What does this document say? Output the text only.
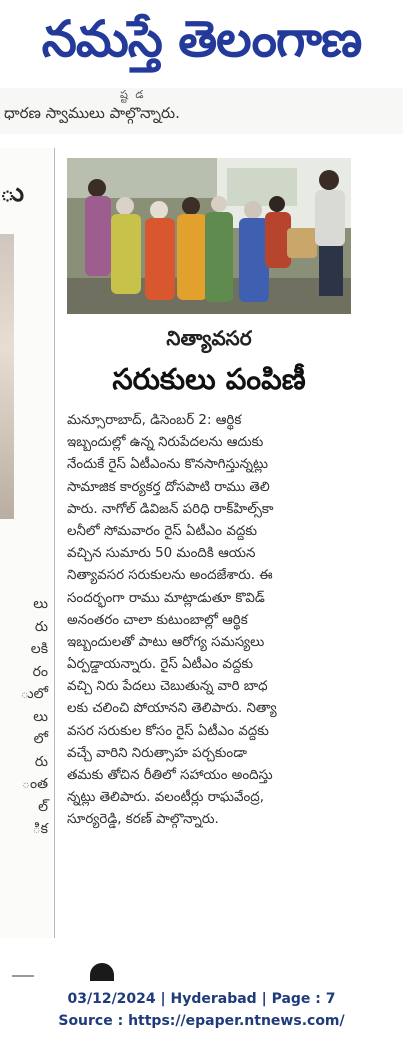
నమస్తే తెలంగాణ
ష్ట డ
ధారణ స్వాములు పాల్గొన్నారు.
ు
లు
రు
లకి
రం
ులో
లు
లో
రు
ంత
ల్
ిక
నిత్యావసర
సరుకులు పంపిణీ
మన్సూరాబాద్, డిసెంబర్ 2: ఆర్థిక
ఇబ్బందుల్లో ఉన్న నిరుపేదలను ఆదుకు
నేందుకే రైస్ ఏటీఎంను కొనసాగిస్తున్నట్లు
సామాజిక కార్యకర్త దోసపాటి రాము తెలి
పారు. నాగోల్ డివిజన్ పరిధి రాక్‌హిల్స్‌కా
లనీలో సోమవారం రైస్ ఏటీఎం వద్దకు
వచ్చిన సుమారు 50 మందికి ఆయన
నిత్యావసర సరుకులను అందజేశారు. ఈ
సందర్భంగా రాము మాట్లాడుతూ కొవిడ్
అనంతరం చాలా కుటుంబాల్లో ఆర్థిక
ఇబ్బందులతో పాటు ఆరోగ్య సమస్యలు
ఏర్పడ్డాయన్నారు. రైస్ ఏటీఎం వద్దకు
వచ్చి నిరు పేదలు చెబుతున్న వారి బాధ
లకు చలించి పోయానని తెలిపారు. నిత్యా
వసర సరుకుల కోసం రైస్ ఏటీఎం వద్దకు
వచ్చే వారిని నిరుత్సాహ పర్చకుండా
తమకు తోచిన రీతిలో సహాయం అందిస్తు
న్నట్లు తెలిపారు. వలంటీర్లు రాఘవేంద్ర,
సూర్యరెడ్డి, కరణ్ పాల్గొన్నారు.
03/12/2024 | Hyderabad | Page : 7
Source : https://epaper.ntnews.com/
